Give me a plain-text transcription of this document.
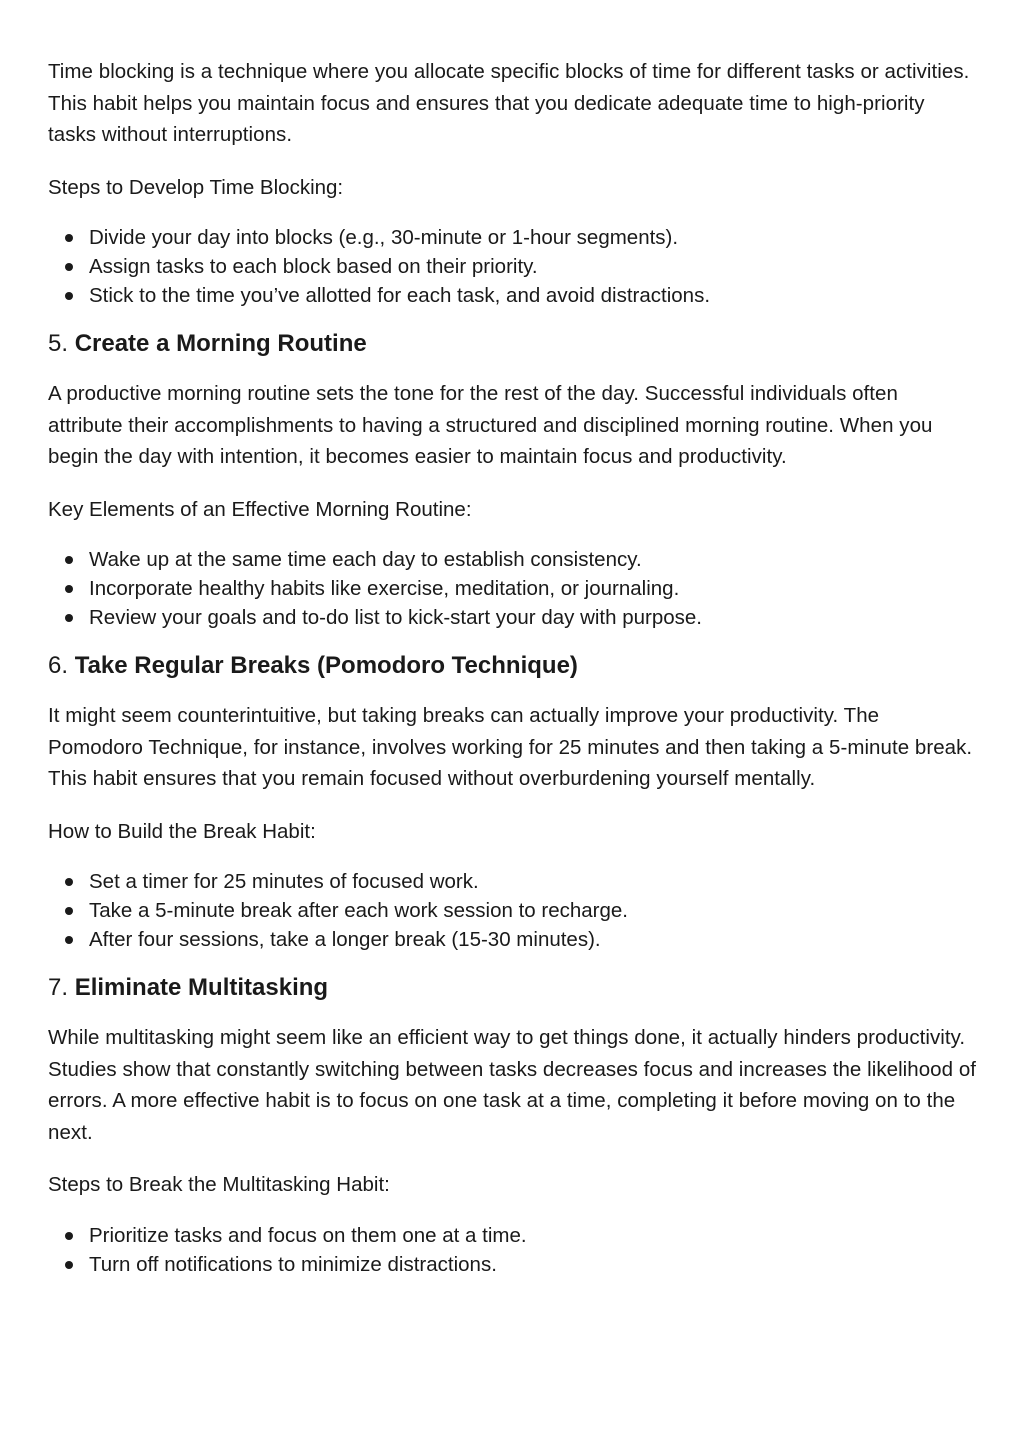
Time blocking is a technique where you allocate specific blocks of time for different tasks or activities. This habit helps you maintain focus and ensures that you dedicate adequate time to high-priority tasks without interruptions.

Steps to Develop Time Blocking:

Divide your day into blocks (e.g., 30-minute or 1-hour segments).
Assign tasks to each block based on their priority.
Stick to the time you’ve allotted for each task, and avoid distractions.
5. Create a Morning Routine

A productive morning routine sets the tone for the rest of the day. Successful individuals often attribute their accomplishments to having a structured and disciplined morning routine. When you begin the day with intention, it becomes easier to maintain focus and productivity.

Key Elements of an Effective Morning Routine:

Wake up at the same time each day to establish consistency.
Incorporate healthy habits like exercise, meditation, or journaling.
Review your goals and to-do list to kick-start your day with purpose.
6. Take Regular Breaks (Pomodoro Technique)

It might seem counterintuitive, but taking breaks can actually improve your productivity. The Pomodoro Technique, for instance, involves working for 25 minutes and then taking a 5-minute break. This habit ensures that you remain focused without overburdening yourself mentally.

How to Build the Break Habit:

Set a timer for 25 minutes of focused work.
Take a 5-minute break after each work session to recharge.
After four sessions, take a longer break (15-30 minutes).
7. Eliminate Multitasking

While multitasking might seem like an efficient way to get things done, it actually hinders productivity. Studies show that constantly switching between tasks decreases focus and increases the likelihood of errors. A more effective habit is to focus on one task at a time, completing it before moving on to the next.

Steps to Break the Multitasking Habit:

Prioritize tasks and focus on them one at a time.
Turn off notifications to minimize distractions.
